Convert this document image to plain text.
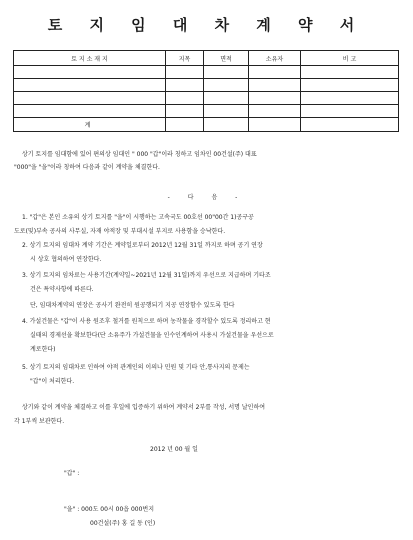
토 지 임 대 차 계 약 서
토 지 소 재 지	지목	면적	소유자	비 고

계				
상기 토지를 임대함에 있어 편의상 임대인 " 000 "갑"이라 칭하고 임차인 00건설(주) 대표
"000"을 "을"이라 칭하여 다음과 같이 계약을 체결한다.
- 다 음 -
1. "갑"은 본인 소유의 상기 토지를 "을"이 시행하는 고속국도 00호선 00"00간 1)공구공
도로(및)부속 공사의 사무실, 자재 야적장 및 부대시설 부지로 사용함을 승낙한다.
2. 상기 토지의 임대차 계약 기간은 계약일로부터 2012년 12월 31일 까지로 하며 공기 연장
시 상호 협의하여 연장한다.
3. 상기 토지의 임차료는 사용기간(계약일~2021년 12월 31일)까지 우선으로 지급하며 기타조
건은 특약사항에 따른다.
단, 임대차계약의 연장은 공사기 완전히 원공행되기 지공 연장함수 있도록 한다
4. 가설건물은 "갑"이 사용 원조후 철거를 원칙으로 하며 농작물을 경작할수 있도록 정리하고 현
실태의 경제선을 확보한다(단 소유주가 가설건물을 인수인계하여 사용시 가설건물을 우선으로
계로한다)
5. 상기 토지의 임대차로 인하여 야적 관계인의 이의나 민원 및 기타 안,통사지의 문제는
"갑"이 처리한다.
상기와 같이 계약을 체결하고 이를 후일에 입증하기 위하여 계약서 2부를 작성, 서명 날인하여
각 1부씩 보관한다.
2012 년 00 월 일
"갑" :
"을" : 000도 00시 00읍 000번지
00건설(주) 홍 길 동 (인)
